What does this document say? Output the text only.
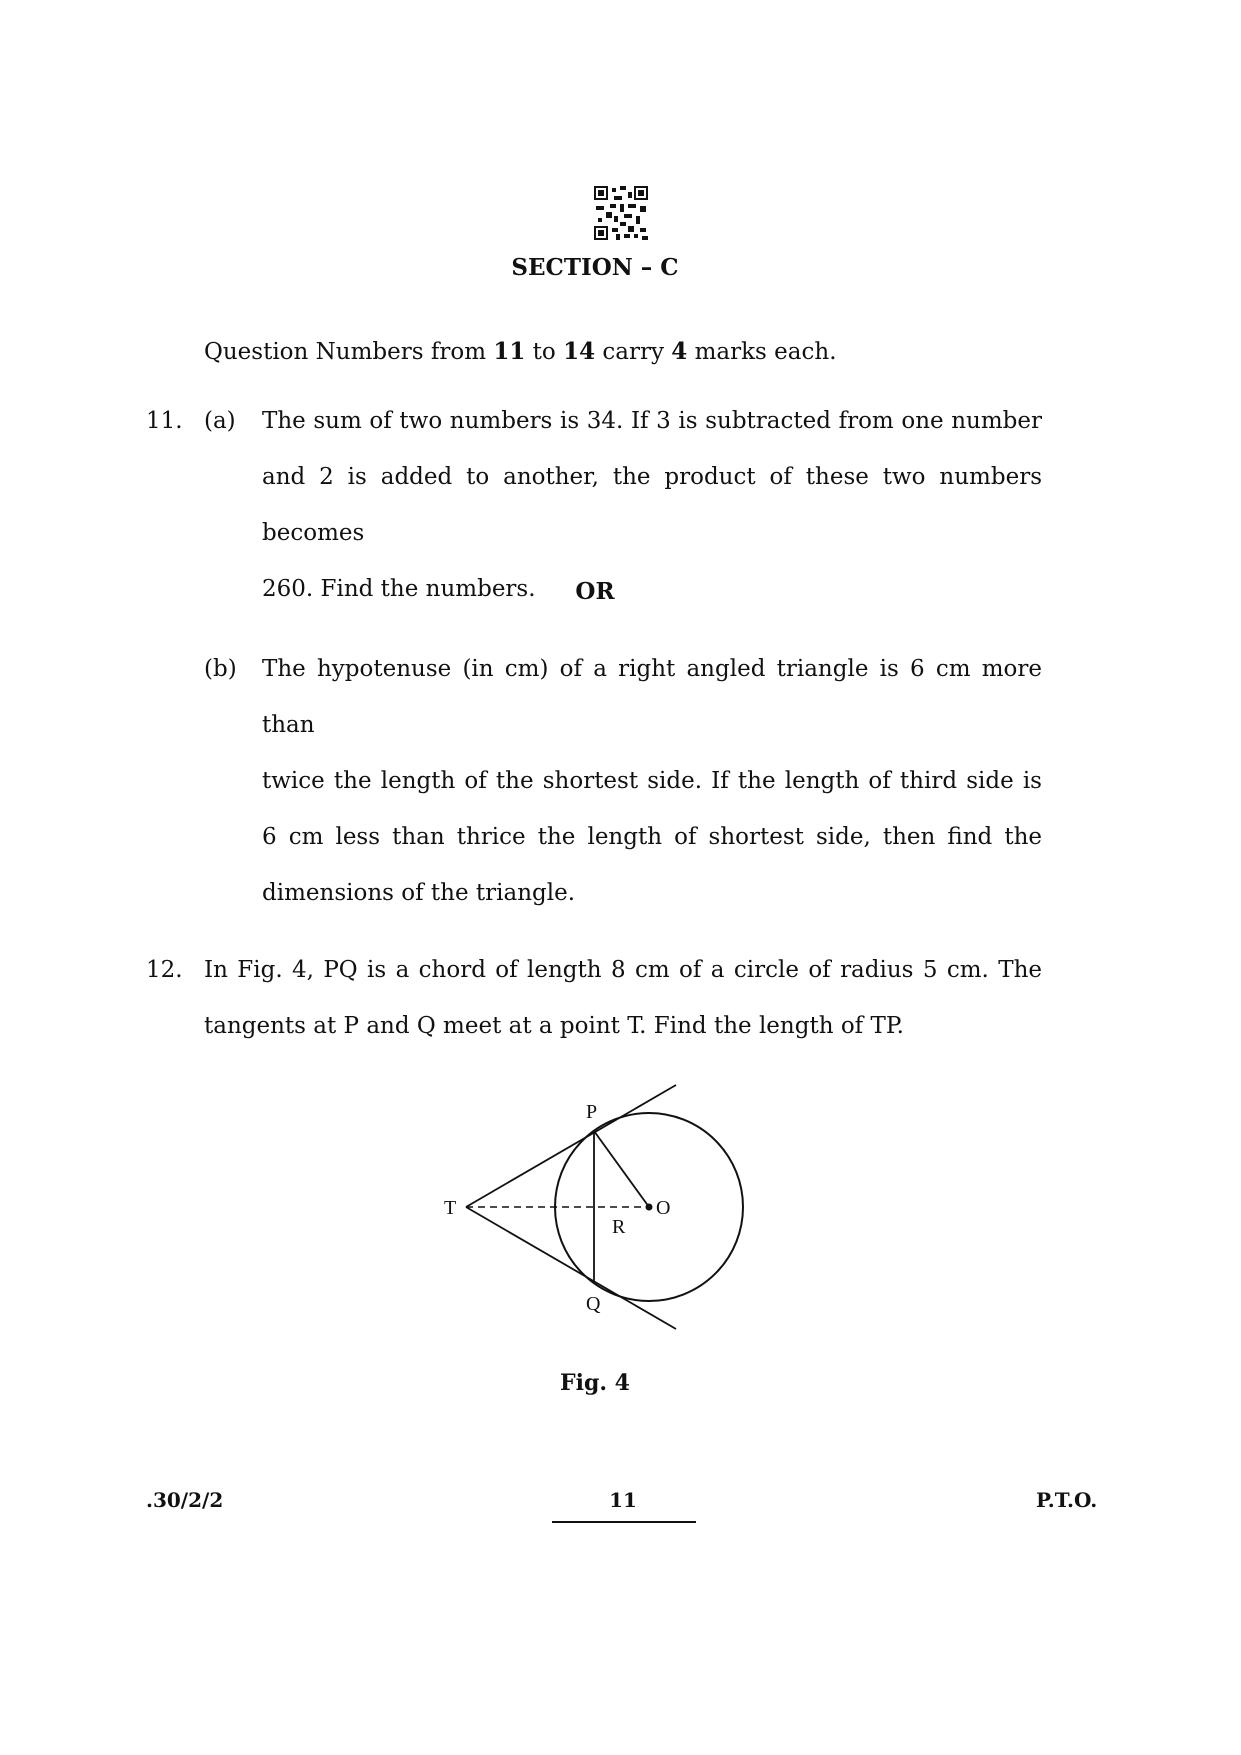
SECTION – C
Question Numbers from 11 to 14 carry 4 marks each.
11. (a) The sum of two numbers is 34. If 3 is subtracted from one number
and 2 is added to another, the product of these two numbers becomes
260. Find the numbers.	OR
(b) The hypotenuse (in cm) of a right angled triangle is 6 cm more than
twice the length of the shortest side. If the length of third side is
6 cm less than thrice the length of shortest side, then find the
dimensions of the triangle.
12. In Fig. 4, PQ is a chord of length 8 cm of a circle of radius 5 cm. The
tangents at P and Q meet at a point T. Find the length of TP.
P
Q
T	O
R
Fig. 4
.30/2/2	11	P.T.O.
